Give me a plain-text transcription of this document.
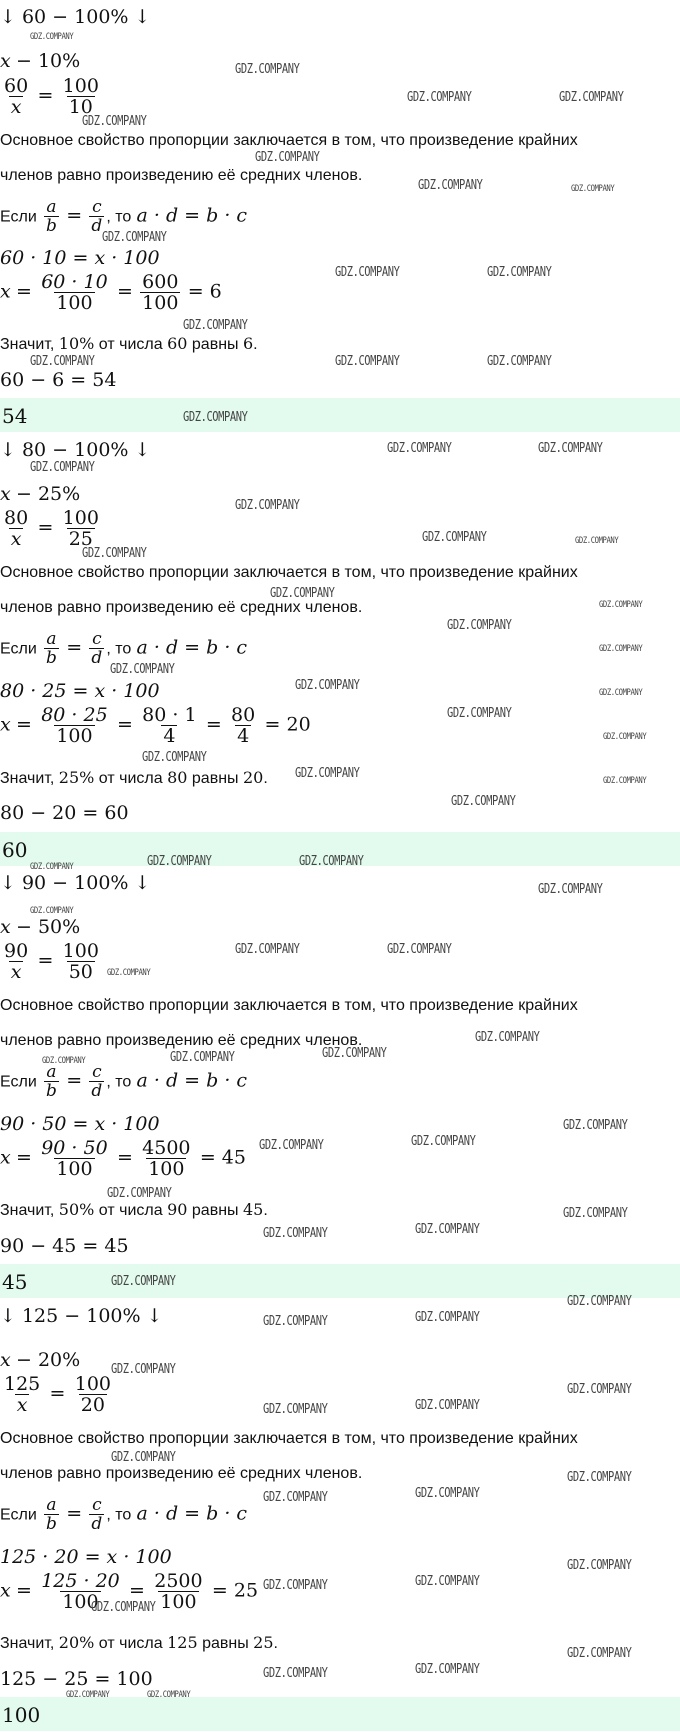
↓ 60 − 100% ↓
x − 10%
$\frac{60}{x} = \frac{100}{10}$
Основное свойство пропорции заключается в том, что произведение крайних
членов равно произведению её средних членов.
Если $\frac{a}{b} = \frac{c}{d}$ , то a · d = b · c
60 · 10 = x · 100
$x = \frac{60 \cdot 10}{100} = \frac{600}{100} = 6$
Значит, 10% от числа 60 равны 6.
60 − 6 = 54
54
↓ 80 − 100% ↓
x − 25%
$\frac{80}{x} = \frac{100}{25}$
Основное свойство пропорции заключается в том, что произведение крайних
членов равно произведению её средних членов.
Если $\frac{a}{b} = \frac{c}{d}$ , то a · d = b · c
80 · 25 = x · 100
$x = \frac{80 \cdot 25}{100} = \frac{80 \cdot 1}{4} = \frac{80}{4} = 20$
Значит, 25% от числа 80 равны 20.
80 − 20 = 60
60
↓ 90 − 100% ↓
x − 50%
$\frac{90}{x} = \frac{100}{50}$
Основное свойство пропорции заключается в том, что произведение крайних
членов равно произведению её средних членов.
Если $\frac{a}{b} = \frac{c}{d}$ , то a · d = b · c
90 · 50 = x · 100
$x = \frac{90 \cdot 50}{100} = \frac{4500}{100} = 45$
Значит, 50% от числа 90 равны 45.
90 − 45 = 45
45
↓ 125 − 100% ↓
x − 20%
$\frac{125}{x} = \frac{100}{20}$
Основное свойство пропорции заключается в том, что произведение крайних
членов равно произведению её средних членов.
Если $\frac{a}{b} = \frac{c}{d}$ , то a · d = b · c
125 · 20 = x · 100
$x = \frac{125 \cdot 20}{100} = \frac{2500}{100} = 25$
Значит, 20% от числа 125 равны 25.
125 − 25 = 100
100
GDZ.COMPANY
GDZ.COMPANY
GDZ.COMPANY	GDZ.COMPANY
GDZ.COMPANY
GDZ.COMPANY
GDZ.COMPANY	GDZ.COMPANY
GDZ.COMPANY
GDZ.COMPANY	GDZ.COMPANY
GDZ.COMPANY
GDZ.COMPANY	GDZ.COMPANY	GDZ.COMPANY
GDZ.COMPANY
GDZ.COMPANY	GDZ.COMPANY
GDZ.COMPANY
GDZ.COMPANY
GDZ.COMPANY	GDZ.COMPANY
GDZ.COMPANY
GDZ.COMPANY
GDZ.COMPANY
GDZ.COMPANY
GDZ.COMPANY
GDZ.COMPANY
GDZ.COMPANY	GDZ.COMPANY
GDZ.COMPANY
GDZ.COMPANY
GDZ.COMPANY
GDZ.COMPANY	GDZ.COMPANY
GDZ.COMPANY
GDZ.COMPANY	GDZ.COMPANY	GDZ.COMPANY
GDZ.COMPANY
GDZ.COMPANY
GDZ.COMPANY	GDZ.COMPANY
GDZ.COMPANY
GDZ.COMPANY
GDZ.COMPANY	GDZ.COMPANY	GDZ.COMPANY
GDZ.COMPANY
GDZ.COMPANY	GDZ.COMPANY
GDZ.COMPANY
GDZ.COMPANY
GDZ.COMPANY	GDZ.COMPANY
GDZ.COMPANY
GDZ.COMPANY
GDZ.COMPANY	GDZ.COMPANY
GDZ.COMPANY
GDZ.COMPANY
GDZ.COMPANY	GDZ.COMPANY
GDZ.COMPANY
GDZ.COMPANY
GDZ.COMPANY	GDZ.COMPANY
GDZ.COMPANY
GDZ.COMPANY	GDZ.COMPANY
GDZ.COMPANY
GDZ.COMPANY
GDZ.COMPANY	GDZ.COMPANY
GDZ.COMPANY	GDZ.COMPANY
